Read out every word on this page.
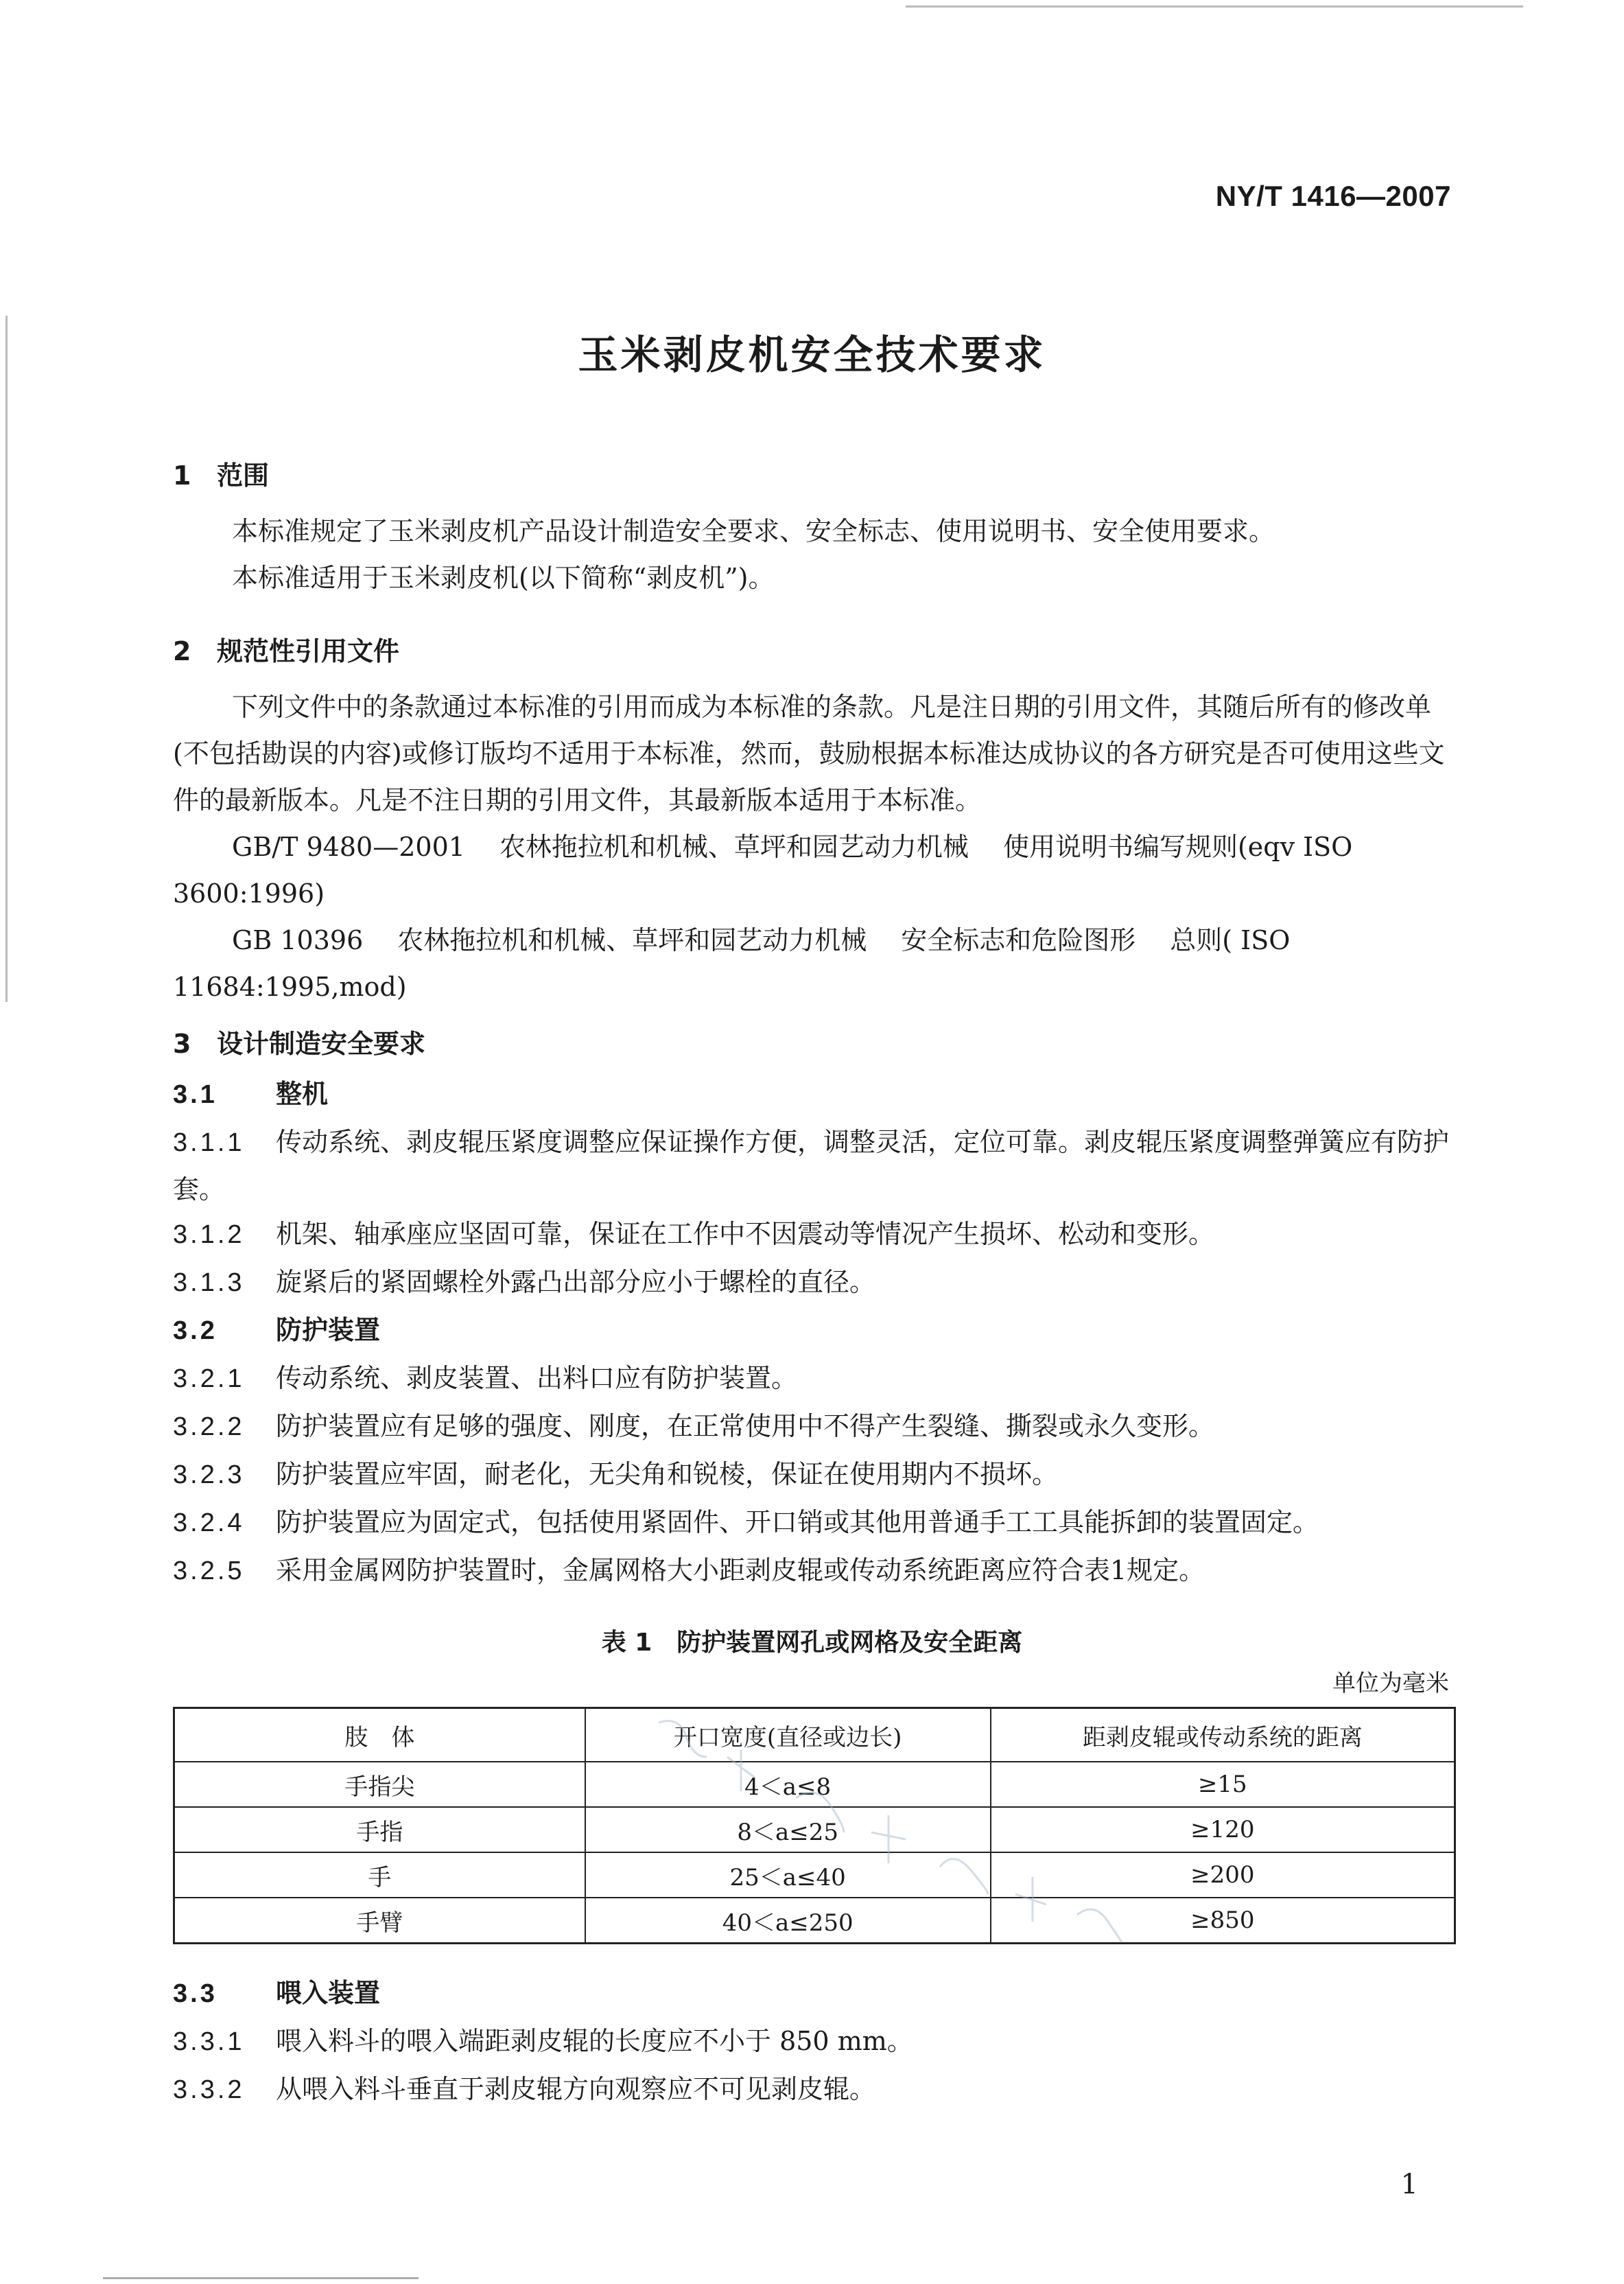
NY/T 1416—2007
玉米剥皮机安全技术要求
1 范围
本标准规定了玉米剥皮机产品设计制造安全要求、安全标志、使用说明书、安全使用要求。
本标准适用于玉米剥皮机(以下简称“剥皮机”)。
2 规范性引用文件
下列文件中的条款通过本标准的引用而成为本标准的条款。凡是注日期的引用文件，其随后所有的修改单(不包括勘误的内容)或修订版均不适用于本标准，然而，鼓励根据本标准达成协议的各方研究是否可使用这些文件的最新版本。凡是不注日期的引用文件，其最新版本适用于本标准。
GB/T 9480—2001 农林拖拉机和机械、草坪和园艺动力机械 使用说明书编写规则(eqv ISO 3600:1996)
GB 10396 农林拖拉机和机械、草坪和园艺动力机械 安全标志和危险图形 总则( ISO 11684:1995,mod)
3 设计制造安全要求
3.1 整机
3.1.1 传动系统、剥皮辊压紧度调整应保证操作方便，调整灵活，定位可靠。剥皮辊压紧度调整弹簧应有防护套。
3.1.2 机架、轴承座应坚固可靠，保证在工作中不因震动等情况产生损坏、松动和变形。
3.1.3 旋紧后的紧固螺栓外露凸出部分应小于螺栓的直径。
3.2 防护装置
3.2.1 传动系统、剥皮装置、出料口应有防护装置。
3.2.2 防护装置应有足够的强度、刚度，在正常使用中不得产生裂缝、撕裂或永久变形。
3.2.3 防护装置应牢固，耐老化，无尖角和锐棱，保证在使用期内不损坏。
3.2.4 防护装置应为固定式，包括使用紧固件、开口销或其他用普通手工工具能拆卸的装置固定。
3.2.5 采用金属网防护装置时，金属网格大小距剥皮辊或传动系统距离应符合表1规定。
表 1　防护装置网孔或网格及安全距离
单位为毫米
肢　体	开口宽度(直径或边长)	距剥皮辊或传动系统的距离
手指尖	4＜a≤8	≥15
手指	8＜a≤25	≥120
手	25＜a≤40	≥200
手臂	40＜a≤250	≥850
3.3 喂入装置
3.3.1 喂入料斗的喂入端距剥皮辊的长度应不小于 850 mm。
3.3.2 从喂入料斗垂直于剥皮辊方向观察应不可见剥皮辊。
1
